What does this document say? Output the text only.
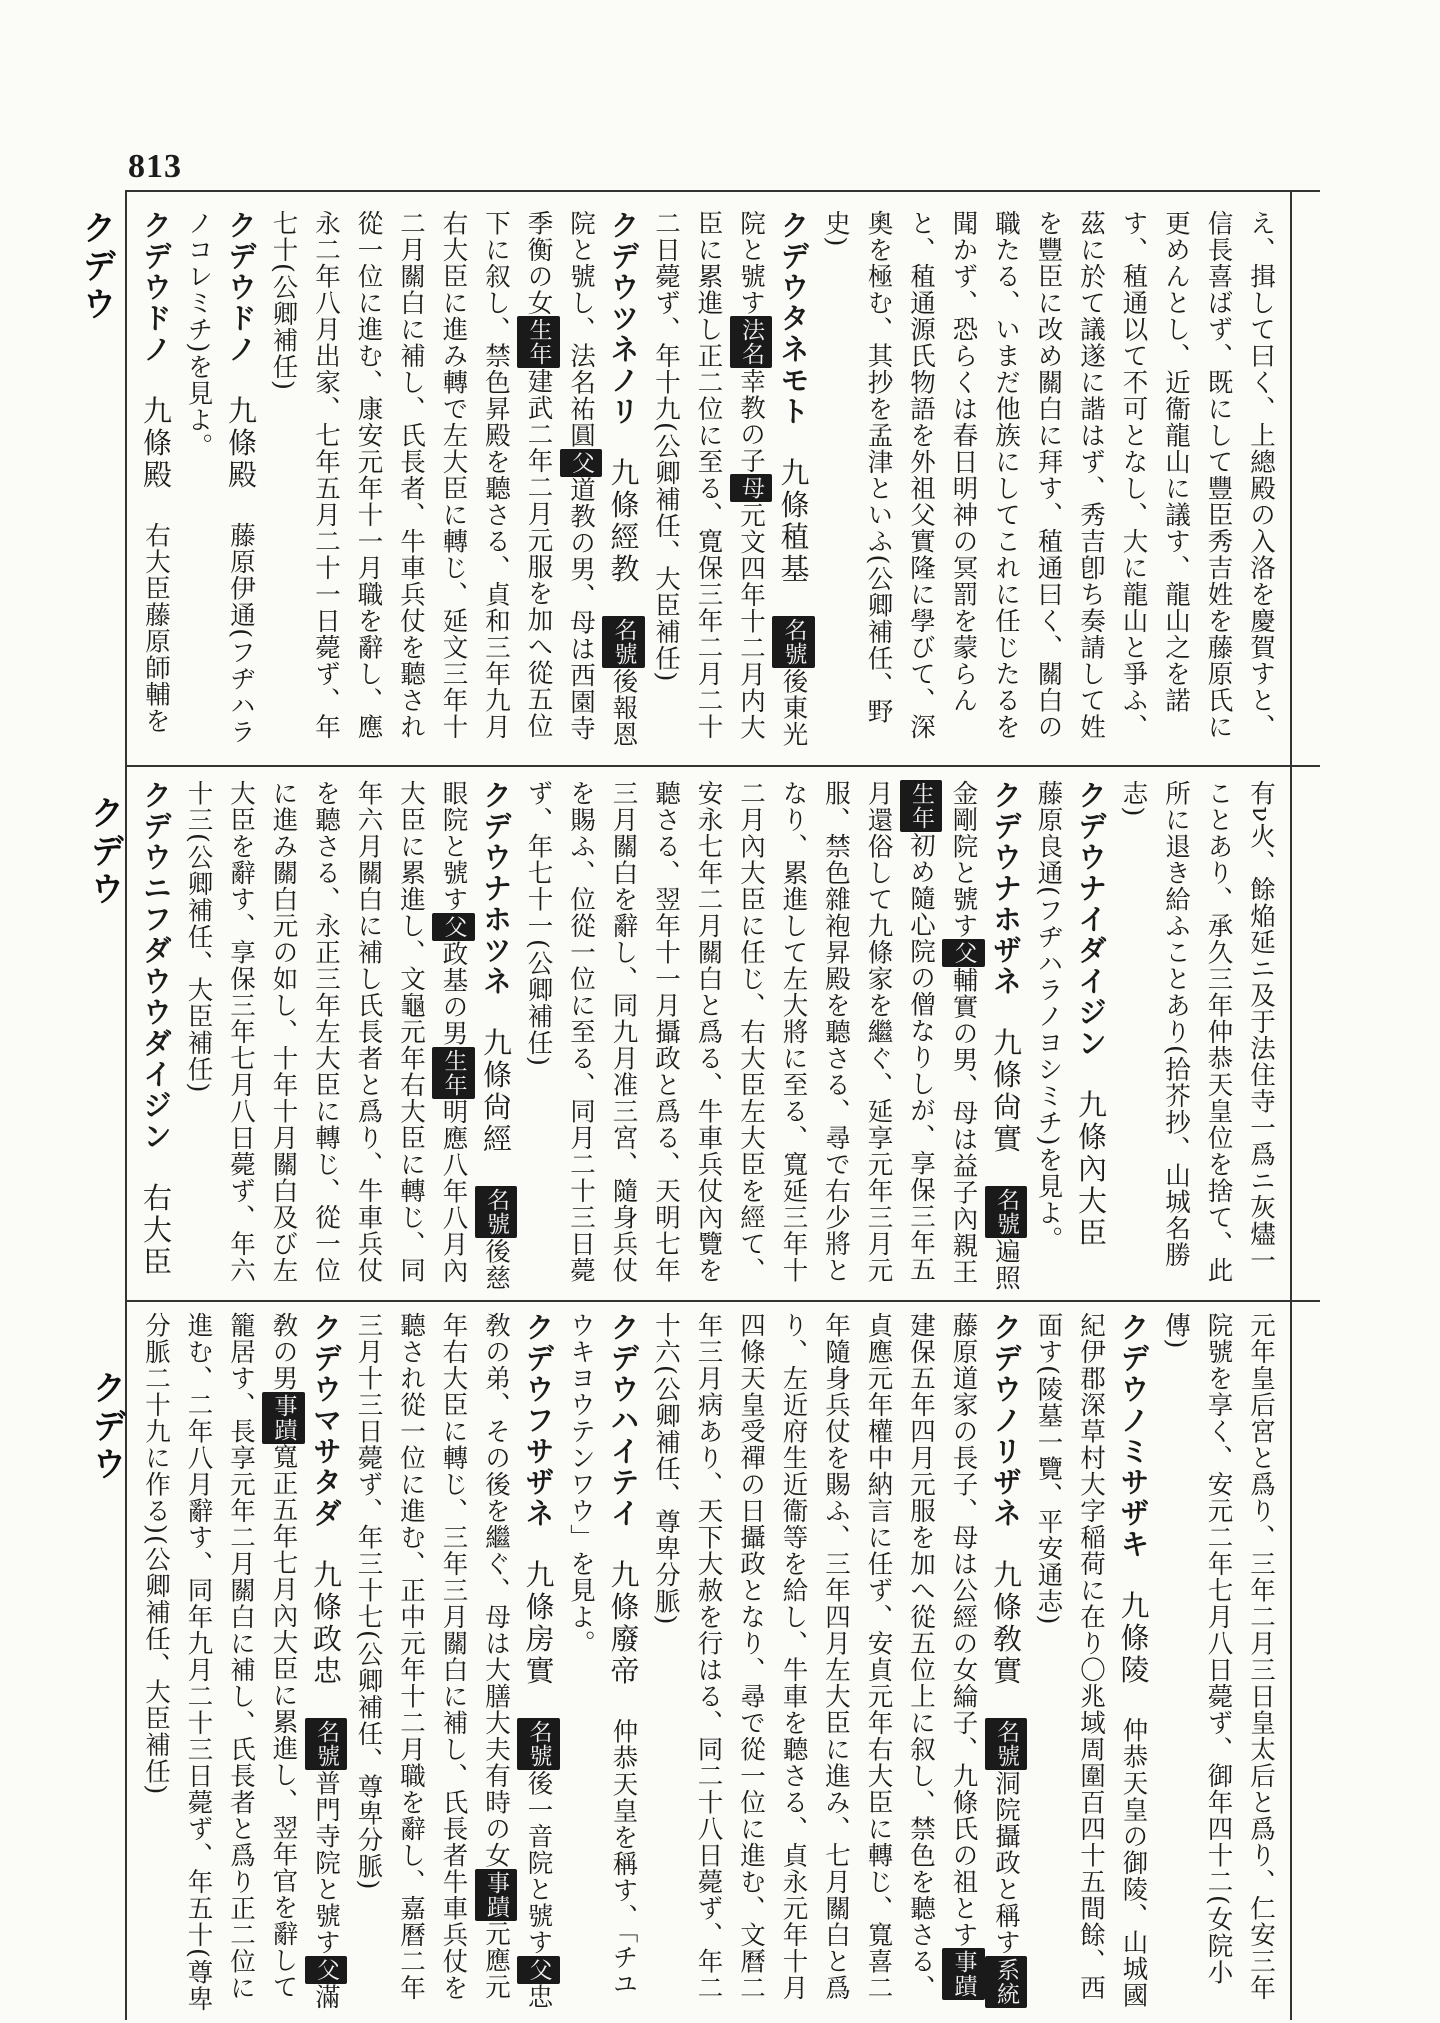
813
クデウ
クデウ
クデウ
え、揖して曰く、上總殿の入洛を慶賀すと、信長喜ばず、既にして豐臣秀吉姓を藤原氏に更めんとし、近衞龍山に議す、龍山之を諾す、稙通以て不可となし、大に龍山と爭ふ、茲に於て議遂に諧はず、秀吉卽ち奏請して姓を豐臣に改め關白に拜す、稙通曰く、關白の職たる、いまだ他族にしてこれに任じたるを聞かず、恐らくは春日明神の冥罰を蒙らんと、稙通源氏物語を外祖父實隆に學びて、深奧を極む、其抄を孟津といふ(公卿補任、野史)
クデウタネモト九條稙基名號後東光院と號す法名幸教の子母元文四年十二月内大臣に累進し正二位に至る、寛保三年二月二十二日薨ず、年十九(公卿補任、大臣補任)
クデウツネノリ九條經教名號後報恩院と號し、法名祐圓父道教の男、母は西園寺季衡の女生年建武二年二月元服を加へ從五位下に叙し、禁色昇殿を聽さる、貞和三年九月右大臣に進み轉で左大臣に轉じ、延文三年十二月關白に補し、氏長者、牛車兵仗を聽され從一位に進む、康安元年十一月職を辭し、應永二年八月出家、七年五月二十一日薨ず、年七十(公卿補任)
クデウドノ九條殿藤原伊通(フヂハラノコレミチ)を見よ。
クデウドノ九條殿右大臣藤原師輔を
有ν火、餘焔延ニ及于法住寺一爲ニ灰燼一ことあり、承久三年仲恭天皇位を捨て、此所に退き給ふことあり(拾芥抄、山城名勝志)
クデウナイダイジン九條內大臣藤原良通(フヂハラノヨシミチ)を見よ。
クデウナホザネ九條尙實名號遍照金剛院と號す父輔實の男、母は益子內親王生年初め隨心院の僧なりしが、享保三年五月還俗して九條家を繼ぐ、延享元年三月元服、禁色雜袍昇殿を聽さる、尋で右少將となり、累進して左大將に至る、寬延三年十二月內大臣に任じ、右大臣左大臣を經て、安永七年二月關白と爲る、牛車兵仗內覽を聽さる、翌年十一月攝政と爲る、天明七年三月關白を辭し、同九月准三宮、隨身兵仗を賜ふ、位從一位に至る、同月二十三日薨ず、年七十一(公卿補任)
クデウナホツネ九條尙經名號後慈眼院と號す父政基の男生年明應八年八月內大臣に累進し、文龜元年右大臣に轉じ、同年六月關白に補し氏長者と爲り、牛車兵仗を聽さる、永正三年左大臣に轉じ、從一位に進み關白元の如し、十年十月關白及び左大臣を辭す、享保三年七月八日薨ず、年六十三(公卿補任、大臣補任)
クデウニフダウウダイジン右大臣
元年皇后宮と爲り、三年二月三日皇太后と爲り、仁安三年院號を享く、安元二年七月八日薨ず、御年四十二(女院小傳)
クデウノミサザキ九條陵仲恭天皇の御陵、山城國紀伊郡深草村大字稲荷に在り〇兆域周圍百四十五間餘、西面す(陵墓一覽、平安通志)
クデウノリザネ九條敎實名號洞院攝政と稱す系統藤原道家の長子、母は公經の女綸子、九條氏の祖とす事蹟建保五年四月元服を加へ從五位上に叙し、禁色を聽さる、貞應元年權中納言に任ず、安貞元年右大臣に轉じ、寬喜二年隨身兵仗を賜ふ、三年四月左大臣に進み、七月關白と爲り、左近府生近衞等を給し、牛車を聽さる、貞永元年十月四條天皇受禪の日攝政となり、尋で從一位に進む、文曆二年三月病あり、天下大赦を行はる、同二十八日薨ず、年二十六(公卿補任、尊卑分脈)
クデウハイテイ九條廢帝仲恭天皇を稱す、「チユウキヨウテンワウ」を見よ。
クデウフサザネ九條房實名號後一音院と號す父忠敎の弟、その後を繼ぐ、母は大膳大夫有時の女事蹟元應元年右大臣に轉じ、三年三月關白に補し、氏長者牛車兵仗を聽され從一位に進む、正中元年十二月職を辭し、嘉曆二年三月十三日薨ず、年三十七(公卿補任、尊卑分脈)
クデウマサタダ九條政忠名號普門寺院と號す父滿敎の男事蹟寬正五年七月內大臣に累進し、翌年官を辭して籠居す、長享元年二月關白に補し、氏長者と爲り正二位に進む、二年八月辭す、同年九月二十三日薨ず、年五十(尊卑分脈二十九に作る)(公卿補任、大臣補任)
